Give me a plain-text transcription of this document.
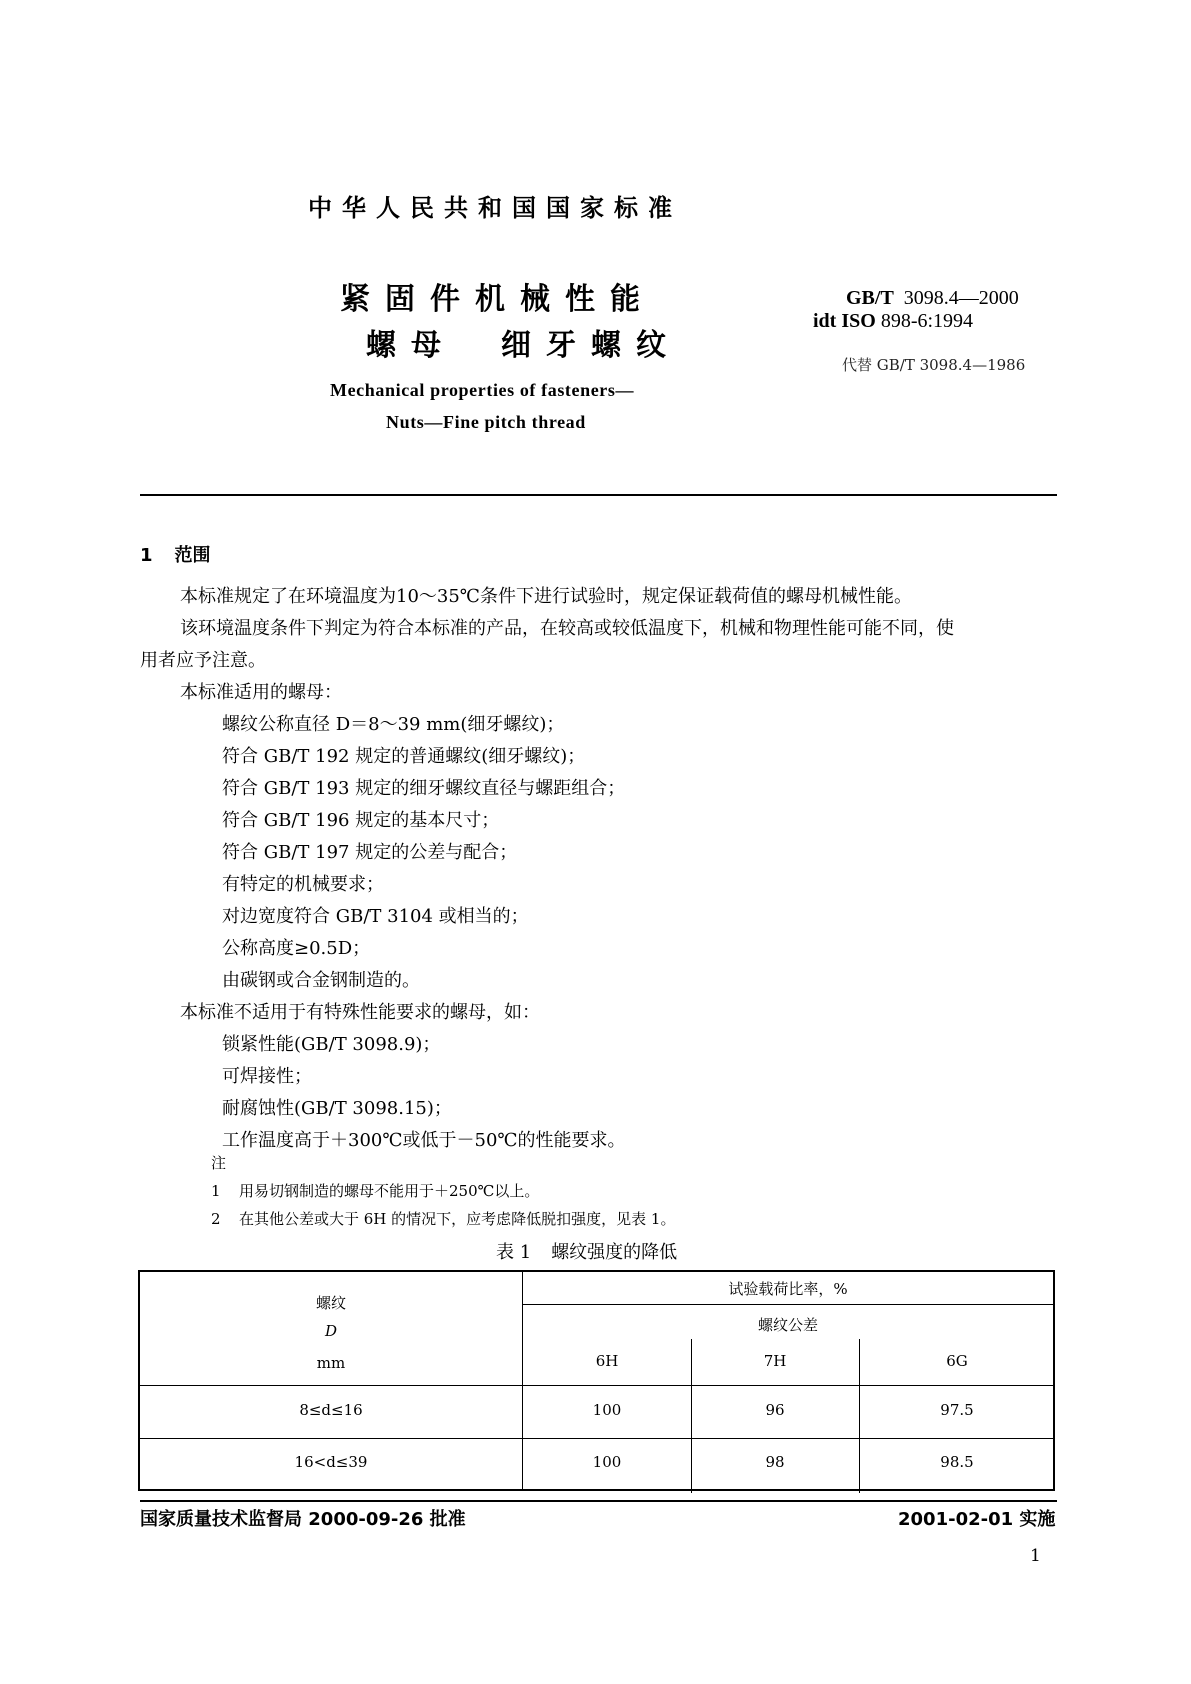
中华人民共和国国家标准
紧固件机械性能
螺母　细牙螺纹
GB/T 3098.4—2000
idt ISO 898-6:1994
代替 GB/T 3098.4—1986
Mechanical properties of fasteners—
Nuts—Fine pitch thread
1 范围
本标准规定了在环境温度为10～35℃条件下进行试验时，规定保证载荷值的螺母机械性能。
该环境温度条件下判定为符合本标准的产品，在较高或较低温度下，机械和物理性能可能不同，使
用者应予注意。
本标准适用的螺母：
螺纹公称直径 D＝8～39 mm(细牙螺纹)；
符合 GB/T 192 规定的普通螺纹(细牙螺纹)；
符合 GB/T 193 规定的细牙螺纹直径与螺距组合；
符合 GB/T 196 规定的基本尺寸；
符合 GB/T 197 规定的公差与配合；
有特定的机械要求；
对边宽度符合 GB/T 3104 或相当的；
公称高度≥0.5D；
由碳钢或合金钢制造的。
本标准不适用于有特殊性能要求的螺母，如：
锁紧性能(GB/T 3098.9)；
可焊接性；
耐腐蚀性(GB/T 3098.15)；
工作温度高于＋300℃或低于－50℃的性能要求。
注
1 用易切钢制造的螺母不能用于＋250℃以上。
2 在其他公差或大于 6H 的情况下，应考虑降低脱扣强度，见表 1。
表 1 螺纹强度的降低
螺纹
D
mm
试验载荷比率，%
螺纹公差
6H	7H	6G
8≤d≤16	100	96	97.5
16<d≤39	100	98	98.5
国家质量技术监督局 2000-09-26 批准	2001-02-01 实施
1
